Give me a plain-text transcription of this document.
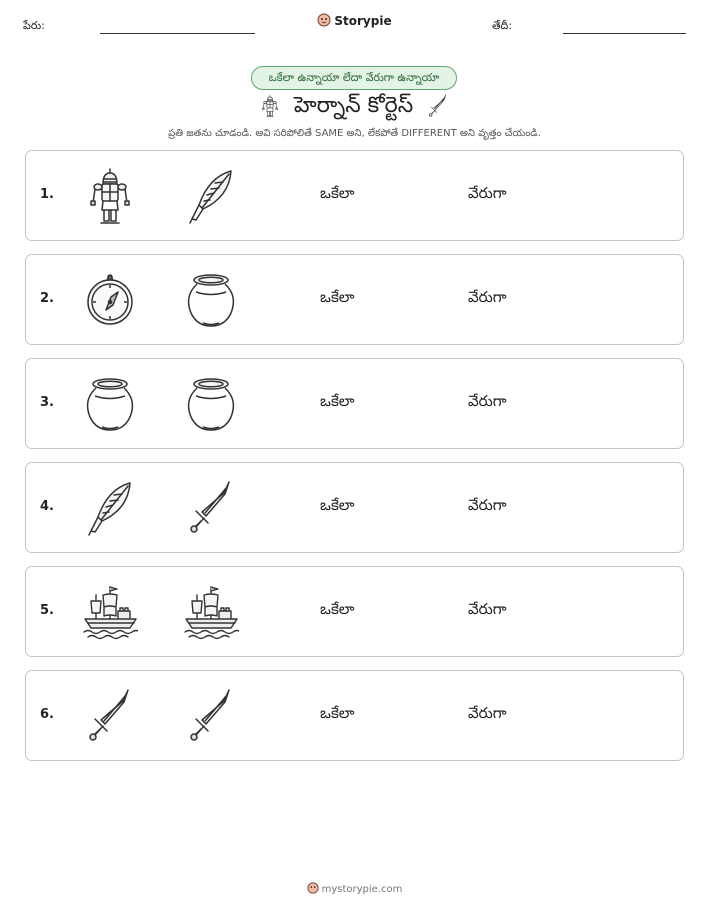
పేరు:	Storypie	తేదీ:
ఒకేలా ఉన్నాయా లేదా వేరుగా ఉన్నాయా
హెర్నాన్ కోర్టెస్
ప్రతి జతను చూడండి. అవి సరిపోలితే SAME అని, లేకపోతే DIFFERENT అని వృత్తం చేయండి.
1.	ఒకేలా	వేరుగా
2.	ఒకేలా	వేరుగా
3.	ఒకేలా	వేరుగా
4.	ఒకేలా	వేరుగా
5.	ఒకేలా	వేరుగా
6.	ఒకేలా	వేరుగా
mystorypie.com
